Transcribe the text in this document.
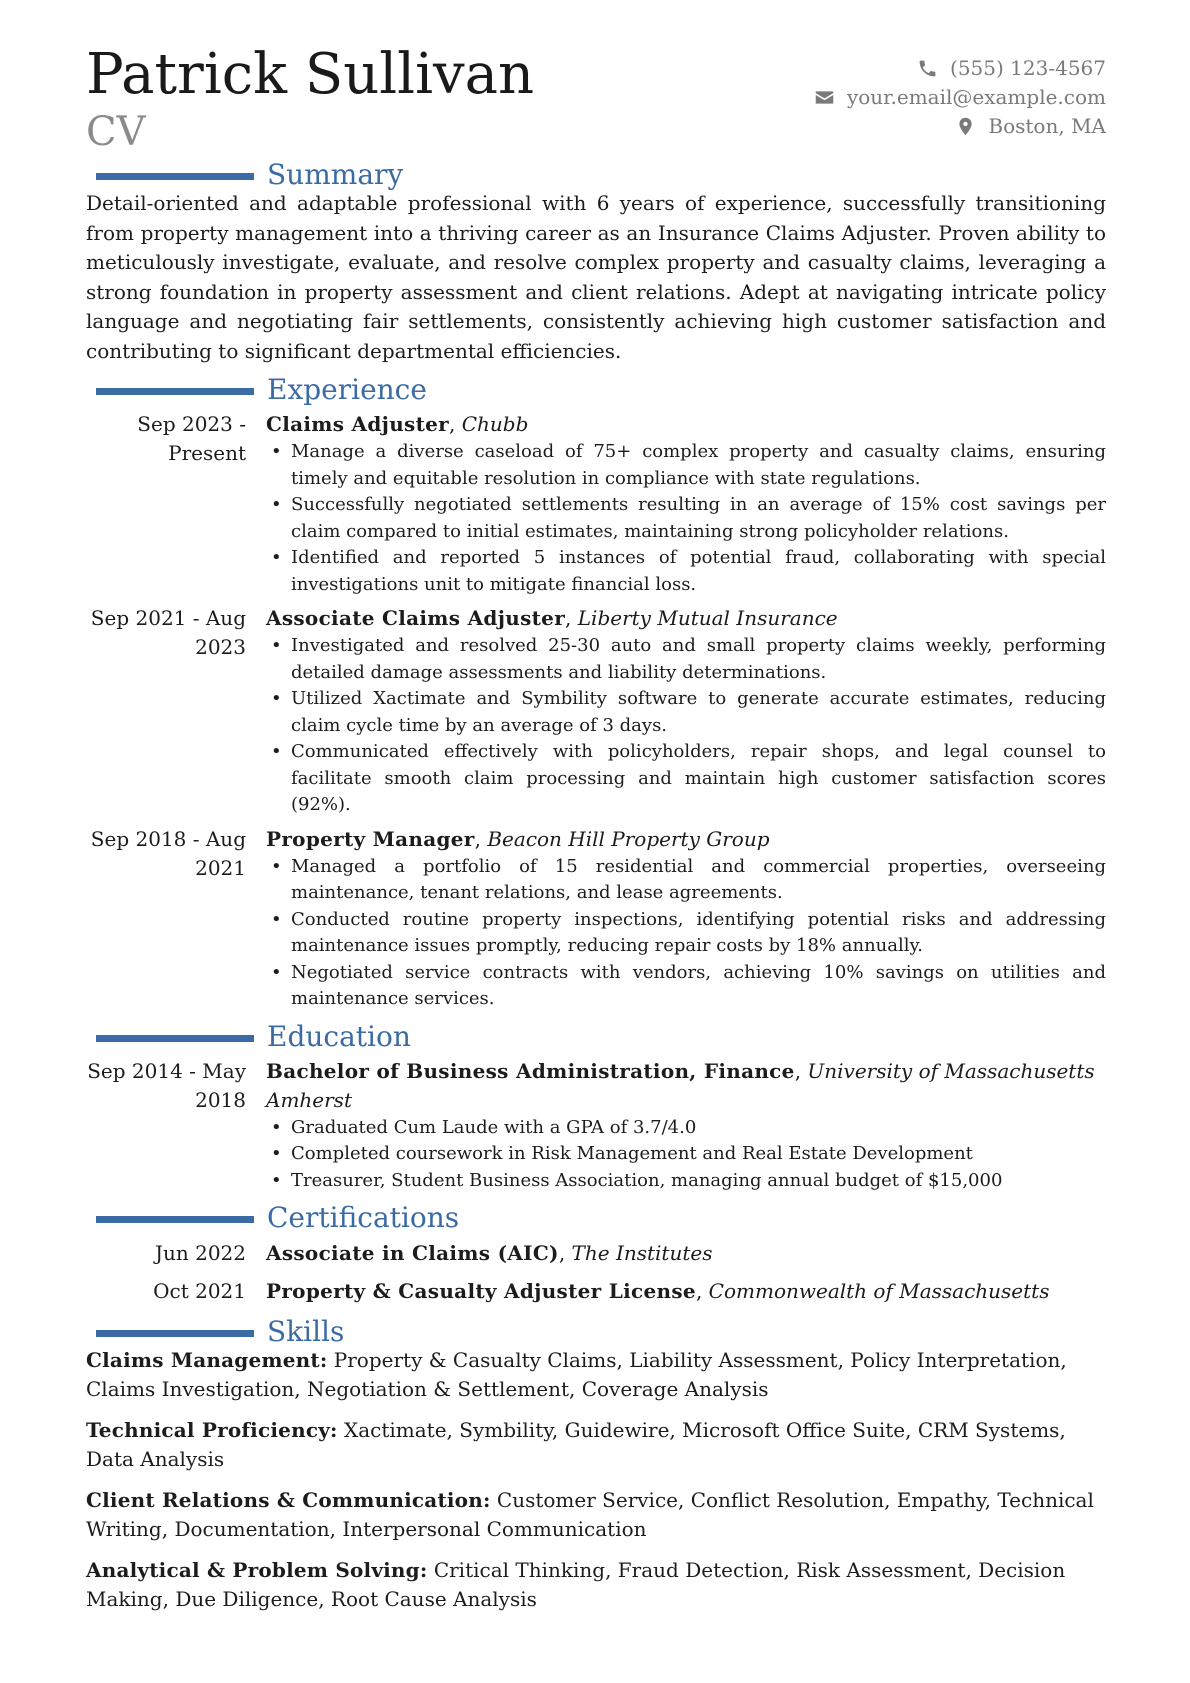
Patrick Sullivan
CV
(555) 123-4567
your.email@example.com
Boston, MA
Summary

Detail-oriented and adaptable professional with 6 years of experience, successfully transitioning from property management into a thriving career as an Insurance Claims Adjuster. Proven ability to meticulously investigate, evaluate, and resolve complex property and casualty claims, leveraging a strong foundation in property assessment and client relations. Adept at navigating intricate policy language and negotiating fair settlements, consistently achieving high customer satisfaction and contributing to significant departmental efficiencies.

Experience
Sep 2023 - Present
Claims Adjuster, Chubb
• Manage a diverse caseload of 75+ complex property and casualty claims, ensuring timely and equitable resolution in compliance with state regulations.
• Successfully negotiated settlements resulting in an average of 15% cost savings per claim compared to initial estimates, maintaining strong policyholder relations.
• Identified and reported 5 instances of potential fraud, collaborating with special investigations unit to mitigate financial loss.
Sep 2021 - Aug 2023
Associate Claims Adjuster, Liberty Mutual Insurance
• Investigated and resolved 25-30 auto and small property claims weekly, performing detailed damage assessments and liability determinations.
• Utilized Xactimate and Symbility software to generate accurate estimates, reducing claim cycle time by an average of 3 days.
• Communicated effectively with policyholders, repair shops, and legal counsel to facilitate smooth claim processing and maintain high customer satisfaction scores (92%).
Sep 2018 - Aug 2021
Property Manager, Beacon Hill Property Group
• Managed a portfolio of 15 residential and commercial properties, overseeing maintenance, tenant relations, and lease agreements.
• Conducted routine property inspections, identifying potential risks and addressing maintenance issues promptly, reducing repair costs by 18% annually.
• Negotiated service contracts with vendors, achieving 10% savings on utilities and maintenance services.
Education
Sep 2014 - May 2018
Bachelor of Business Administration, Finance, University of Massachusetts Amherst
• Graduated Cum Laude with a GPA of 3.7/4.0
• Completed coursework in Risk Management and Real Estate Development
• Treasurer, Student Business Association, managing annual budget of $15,000
Certifications
Jun 2022	Associate in Claims (AIC), The Institutes
Oct 2021	Property & Casualty Adjuster License, Commonwealth of Massachusetts
Skills

Claims Management: Property & Casualty Claims, Liability Assessment, Policy Interpretation, Claims Investigation, Negotiation & Settlement, Coverage Analysis

Technical Proficiency: Xactimate, Symbility, Guidewire, Microsoft Office Suite, CRM Systems, Data Analysis

Client Relations & Communication: Customer Service, Conflict Resolution, Empathy, Technical Writing, Documentation, Interpersonal Communication

Analytical & Problem Solving: Critical Thinking, Fraud Detection, Risk Assessment, Decision Making, Due Diligence, Root Cause Analysis
